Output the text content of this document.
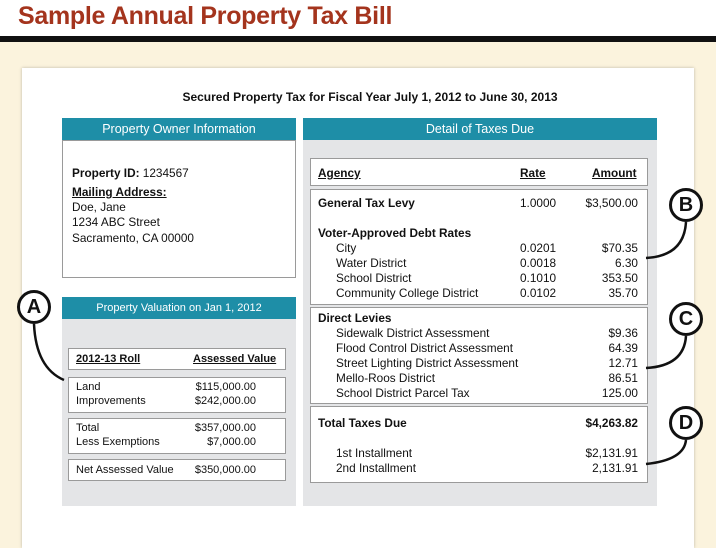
Sample Annual Property Tax Bill
Secured Property Tax for Fiscal Year July 1, 2012 to June 30, 2013
Property Owner Information
Property ID: 1234567
Mailing Address:
Doe, Jane
1234 ABC Street
Sacramento, CA 00000
Property Valuation on Jan 1, 2012
2012-13 Roll	Assessed Value
Land	$115,000.00
Improvements	$242,000.00
Total	$357,000.00
Less Exemptions	$7,000.00
Net Assessed Value	$350,000.00
Detail of Taxes Due
Agency	Rate	Amount
General Tax Levy	1.0000	$3,500.00
Voter-Approved Debt Rates
City	0.0201	$70.35
Water District	0.0018	6.30
School District	0.1010	353.50
Community College District	0.0102	35.70
Direct Levies
Sidewalk District Assessment	$9.36
Flood Control District Assessment	64.39
Street Lighting District Assessment	12.71
Mello-Roos District	86.51
School District Parcel Tax	125.00
Total Taxes Due	$4,263.82
1st Installment	$2,131.91
2nd Installment	2,131.91
A
B
C
D
